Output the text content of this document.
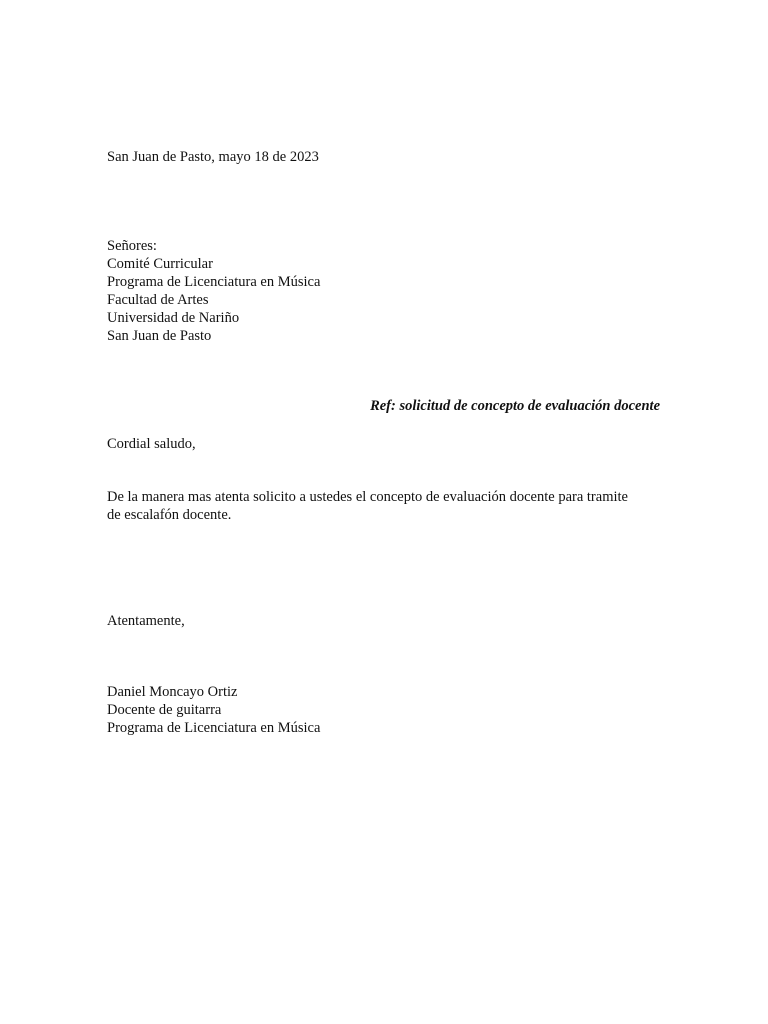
San Juan de Pasto, mayo 18 de 2023
Señores:
Comité Curricular
Programa de Licenciatura en Música
Facultad de Artes
Universidad de Nariño
San Juan de Pasto
Ref: solicitud de concepto de evaluación docente
Cordial saludo,
De la manera mas atenta solicito a ustedes el concepto de evaluación docente para tramite
de escalafón docente.
Atentamente,
Daniel Moncayo Ortiz
Docente de guitarra
Programa de Licenciatura en Música
